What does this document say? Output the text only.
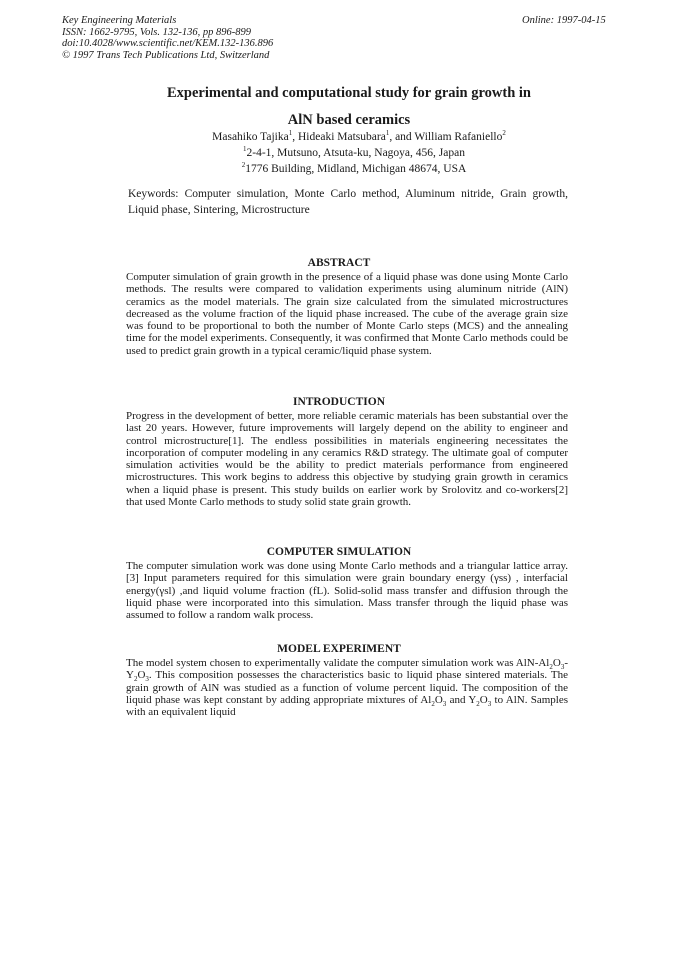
Key Engineering Materials
ISSN: 1662-9795, Vols. 132-136, pp 896-899
doi:10.4028/www.scientific.net/KEM.132-136.896
© 1997 Trans Tech Publications Ltd, Switzerland
Online: 1997-04-15
Experimental and computational study for grain growth in
AlN based ceramics
Masahiko Tajika$^1$, Hideaki Matsubara$^1$, and William Rafaniello$^2$
$^1$2-4-1, Mutsuno, Atsuta-ku, Nagoya, 456, Japan
$^2$1776 Building, Midland, Michigan 48674, USA
Keywords: Computer simulation, Monte Carlo method, Aluminum nitride, Grain growth, Liquid phase, Sintering, Microstructure
ABSTRACT
Computer simulation of grain growth in the presence of a liquid phase was done using Monte Carlo methods. The results were compared to validation experiments using aluminum nitride (AlN) ceramics as the model materials. The grain size calculated from the simulated microstructures decreased as the volume fraction of the liquid phase increased. The cube of the average grain size was found to be proportional to both the number of Monte Carlo steps (MCS) and the annealing time for the model experiments. Consequently, it was confirmed that Monte Carlo methods could be used to predict grain growth in a typical ceramic/liquid phase system.
INTRODUCTION
Progress in the development of better, more reliable ceramic materials has been substantial over the last 20 years. However, future improvements will largely depend on the ability to engineer and control microstructure[1]. The endless possibilities in materials engineering necessitates the incorporation of computer modeling in any ceramics R&D strategy. The ultimate goal of computer simulation activities would be the ability to predict materials performance from engineered microstructures. This work begins to address this objective by studying grain growth in ceramics when a liquid phase is present. This study builds on earlier work by Srolovitz and co-workers[2] that used Monte Carlo methods to study solid state grain growth.
COMPUTER SIMULATION
The computer simulation work was done using Monte Carlo methods and a triangular lattice array.[3] Input parameters required for this simulation were grain boundary energy (γss) , interfacial energy(γsl) ,and liquid volume fraction (fL). Solid-solid mass transfer and diffusion through the liquid phase were incorporated into this simulation. Mass transfer through the liquid phase was assumed to follow a random walk process.
MODEL EXPERIMENT
The model system chosen to experimentally validate the computer simulation work was AlN-$Al_2O_3-Y_2O_3$. This composition possesses the characteristics basic to liquid phase sintered materials. The grain growth of AlN was studied as a function of volume percent liquid. The composition of the liquid phase was kept constant by adding appropriate mixtures of $Al_2O_3$ and $Y_2O_3$ to AlN. Samples with an equivalent liquid
